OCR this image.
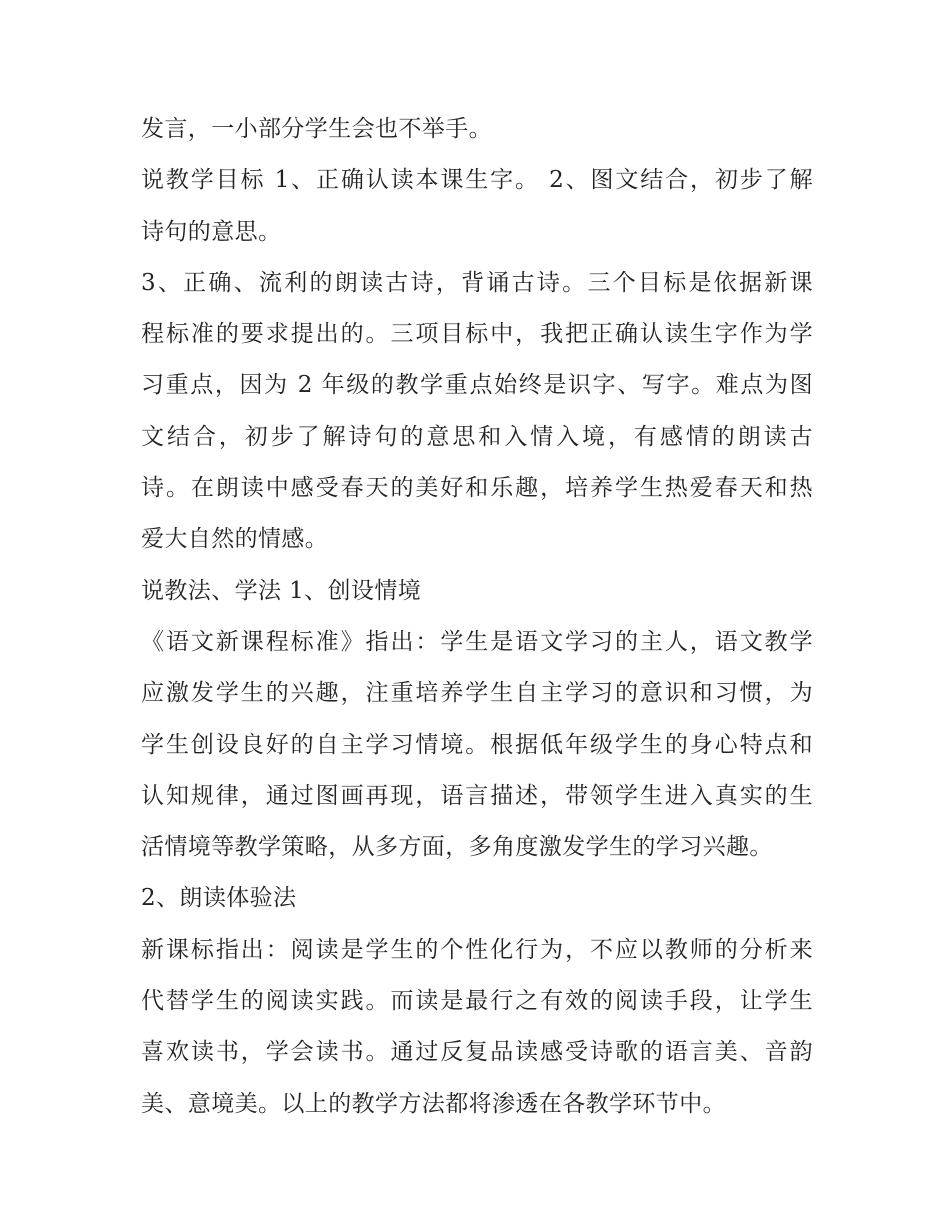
发言，一小部分学生会也不举手。

说教学目标 1、正确认读本课生字。 2、图文结合，初步了解
诗句的意思。

3、正确、流利的朗读古诗，背诵古诗。三个目标是依据新课
程标准的要求提出的。三项目标中，我把正确认读生字作为学
习重点，因为 2 年级的教学重点始终是识字、写字。难点为图
文结合，初步了解诗句的意思和入情入境，有感情的朗读古
诗。在朗读中感受春天的美好和乐趣，培养学生热爱春天和热
爱大自然的情感。

说教法、学法 1、创设情境

《语文新课程标准》指出：学生是语文学习的主人，语文教学
应激发学生的兴趣，注重培养学生自主学习的意识和习惯，为
学生创设良好的自主学习情境。根据低年级学生的身心特点和
认知规律，通过图画再现，语言描述，带领学生进入真实的生
活情境等教学策略，从多方面，多角度激发学生的学习兴趣。

2、朗读体验法

新课标指出：阅读是学生的个性化行为，不应以教师的分析来
代替学生的阅读实践。而读是最行之有效的阅读手段，让学生
喜欢读书，学会读书。通过反复品读感受诗歌的语言美、音韵
美、意境美。以上的教学方法都将渗透在各教学环节中。
